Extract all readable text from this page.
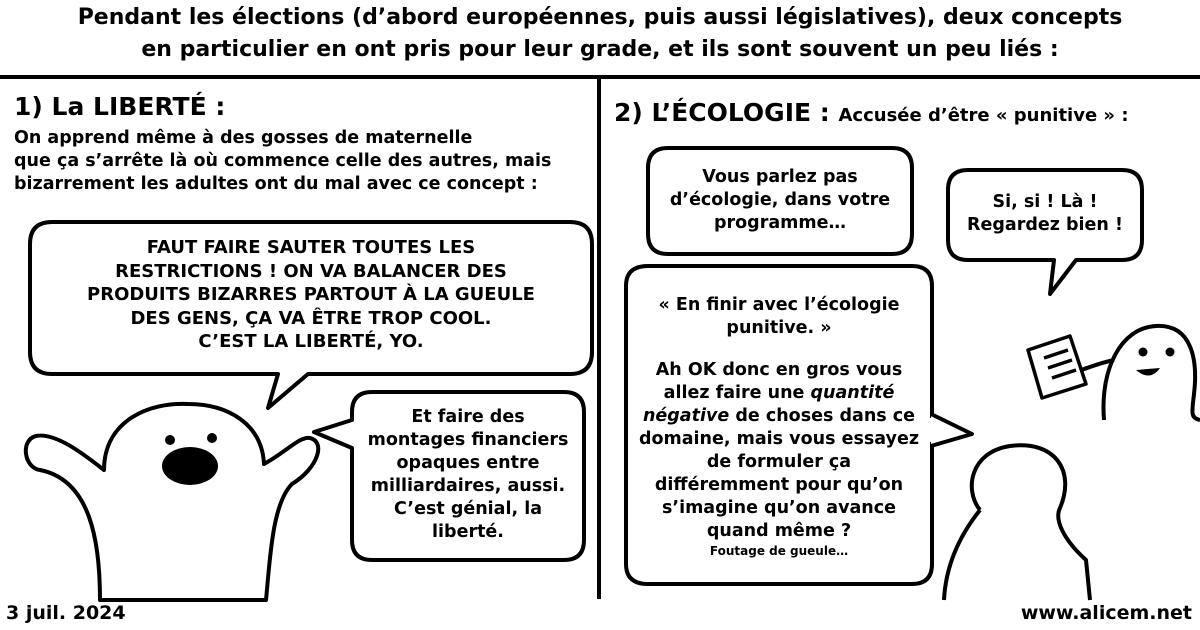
Pendant les élections (d’abord européennes, puis aussi législatives), deux concepts
en particulier en ont pris pour leur grade, et ils sont souvent un peu liés :
1) La LIBERTÉ :
On apprend même à des gosses de maternelle
que ça s’arrête là où commence celle des autres, mais
bizarrement les adultes ont du mal avec ce concept :
FAUT FAIRE SAUTER TOUTES LES
RESTRICTIONS ! ON VA BALANCER DES
PRODUITS BIZARRES PARTOUT À LA GUEULE
DES GENS, ÇA VA ÊTRE TROP COOL.
C’EST LA LIBERTÉ, YO.
Et faire des
montages financiers
opaques entre
milliardaires, aussi.
C’est génial, la
liberté.
2) L’ÉCOLOGIE : Accusée d’être « punitive » :
Vous parlez pas
d’écologie, dans votre
programme…
Si, si ! Là !
Regardez bien !
« En finir avec l’écologie
punitive. »
Ah OK donc en gros vous
allez faire une quantité
négative de choses dans ce
domaine, mais vous essayez
de formuler ça
différemment pour qu’on
s’imagine qu’on avance
quand même ?
Foutage de gueule…
3 juil. 2024	www.alicem.net
